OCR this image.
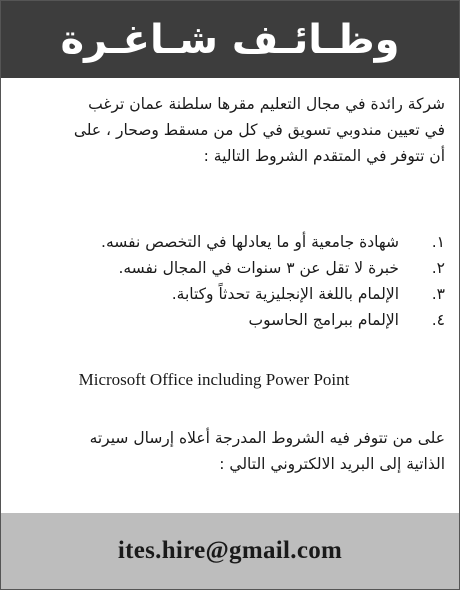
وظـائـف شـاغـرة

شركة رائدة في مجال التعليم مقرها سلطنة عمان ترغب

في تعيين مندوبي تسويق في كل من مسقط وصحار ، على

أن تتوفر في المتقدم الشروط التالية :

١.
شهادة جامعية أو ما يعادلها في التخصص نفسه.
٢.
خبرة لا تقل عن ٣ سنوات في المجال نفسه.
٣.
الإلمام باللغة الإنجليزية تحدثاً وكتابة.
٤.
الإلمام ببرامج الحاسوب
Microsoft Office including Power Point

على من تتوفر فيه الشروط المدرجة أعلاه إرسال سيرته

الذاتية إلى البريد الالكتروني التالي :

ites.hire@gmail.com
